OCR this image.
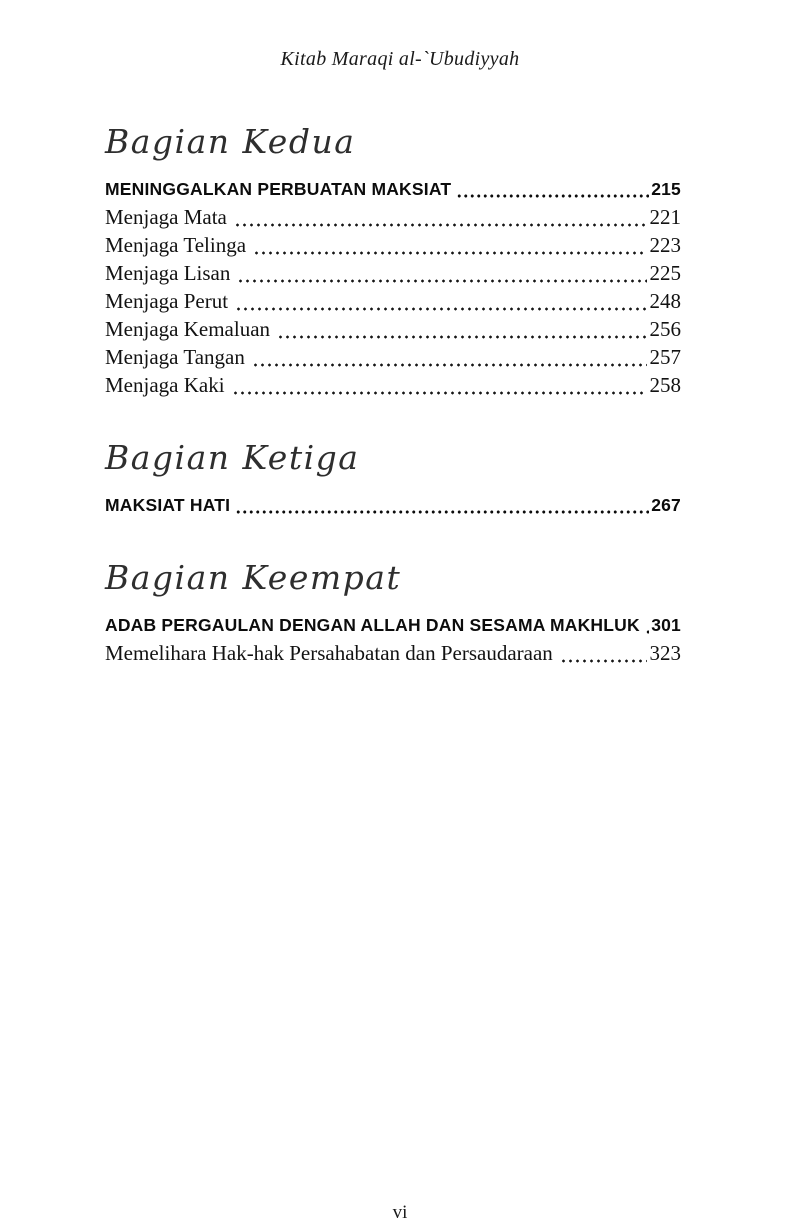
Kitab Maraqi al-`Ubudiyyah
Bagian Kedua
MENINGGALKAN PERBUATAN MAKSIAT	215
Menjaga Mata	221
Menjaga Telinga	223
Menjaga Lisan	225
Menjaga Perut	248
Menjaga Kemaluan	256
Menjaga Tangan	257
Menjaga Kaki	258
Bagian Ketiga
MAKSIAT HATI	267
Bagian Keempat
ADAB PERGAULAN DENGAN ALLAH DAN SESAMA MAKHLUK 301
Memelihara Hak-hak Persahabatan dan Persaudaraan	323
vi
